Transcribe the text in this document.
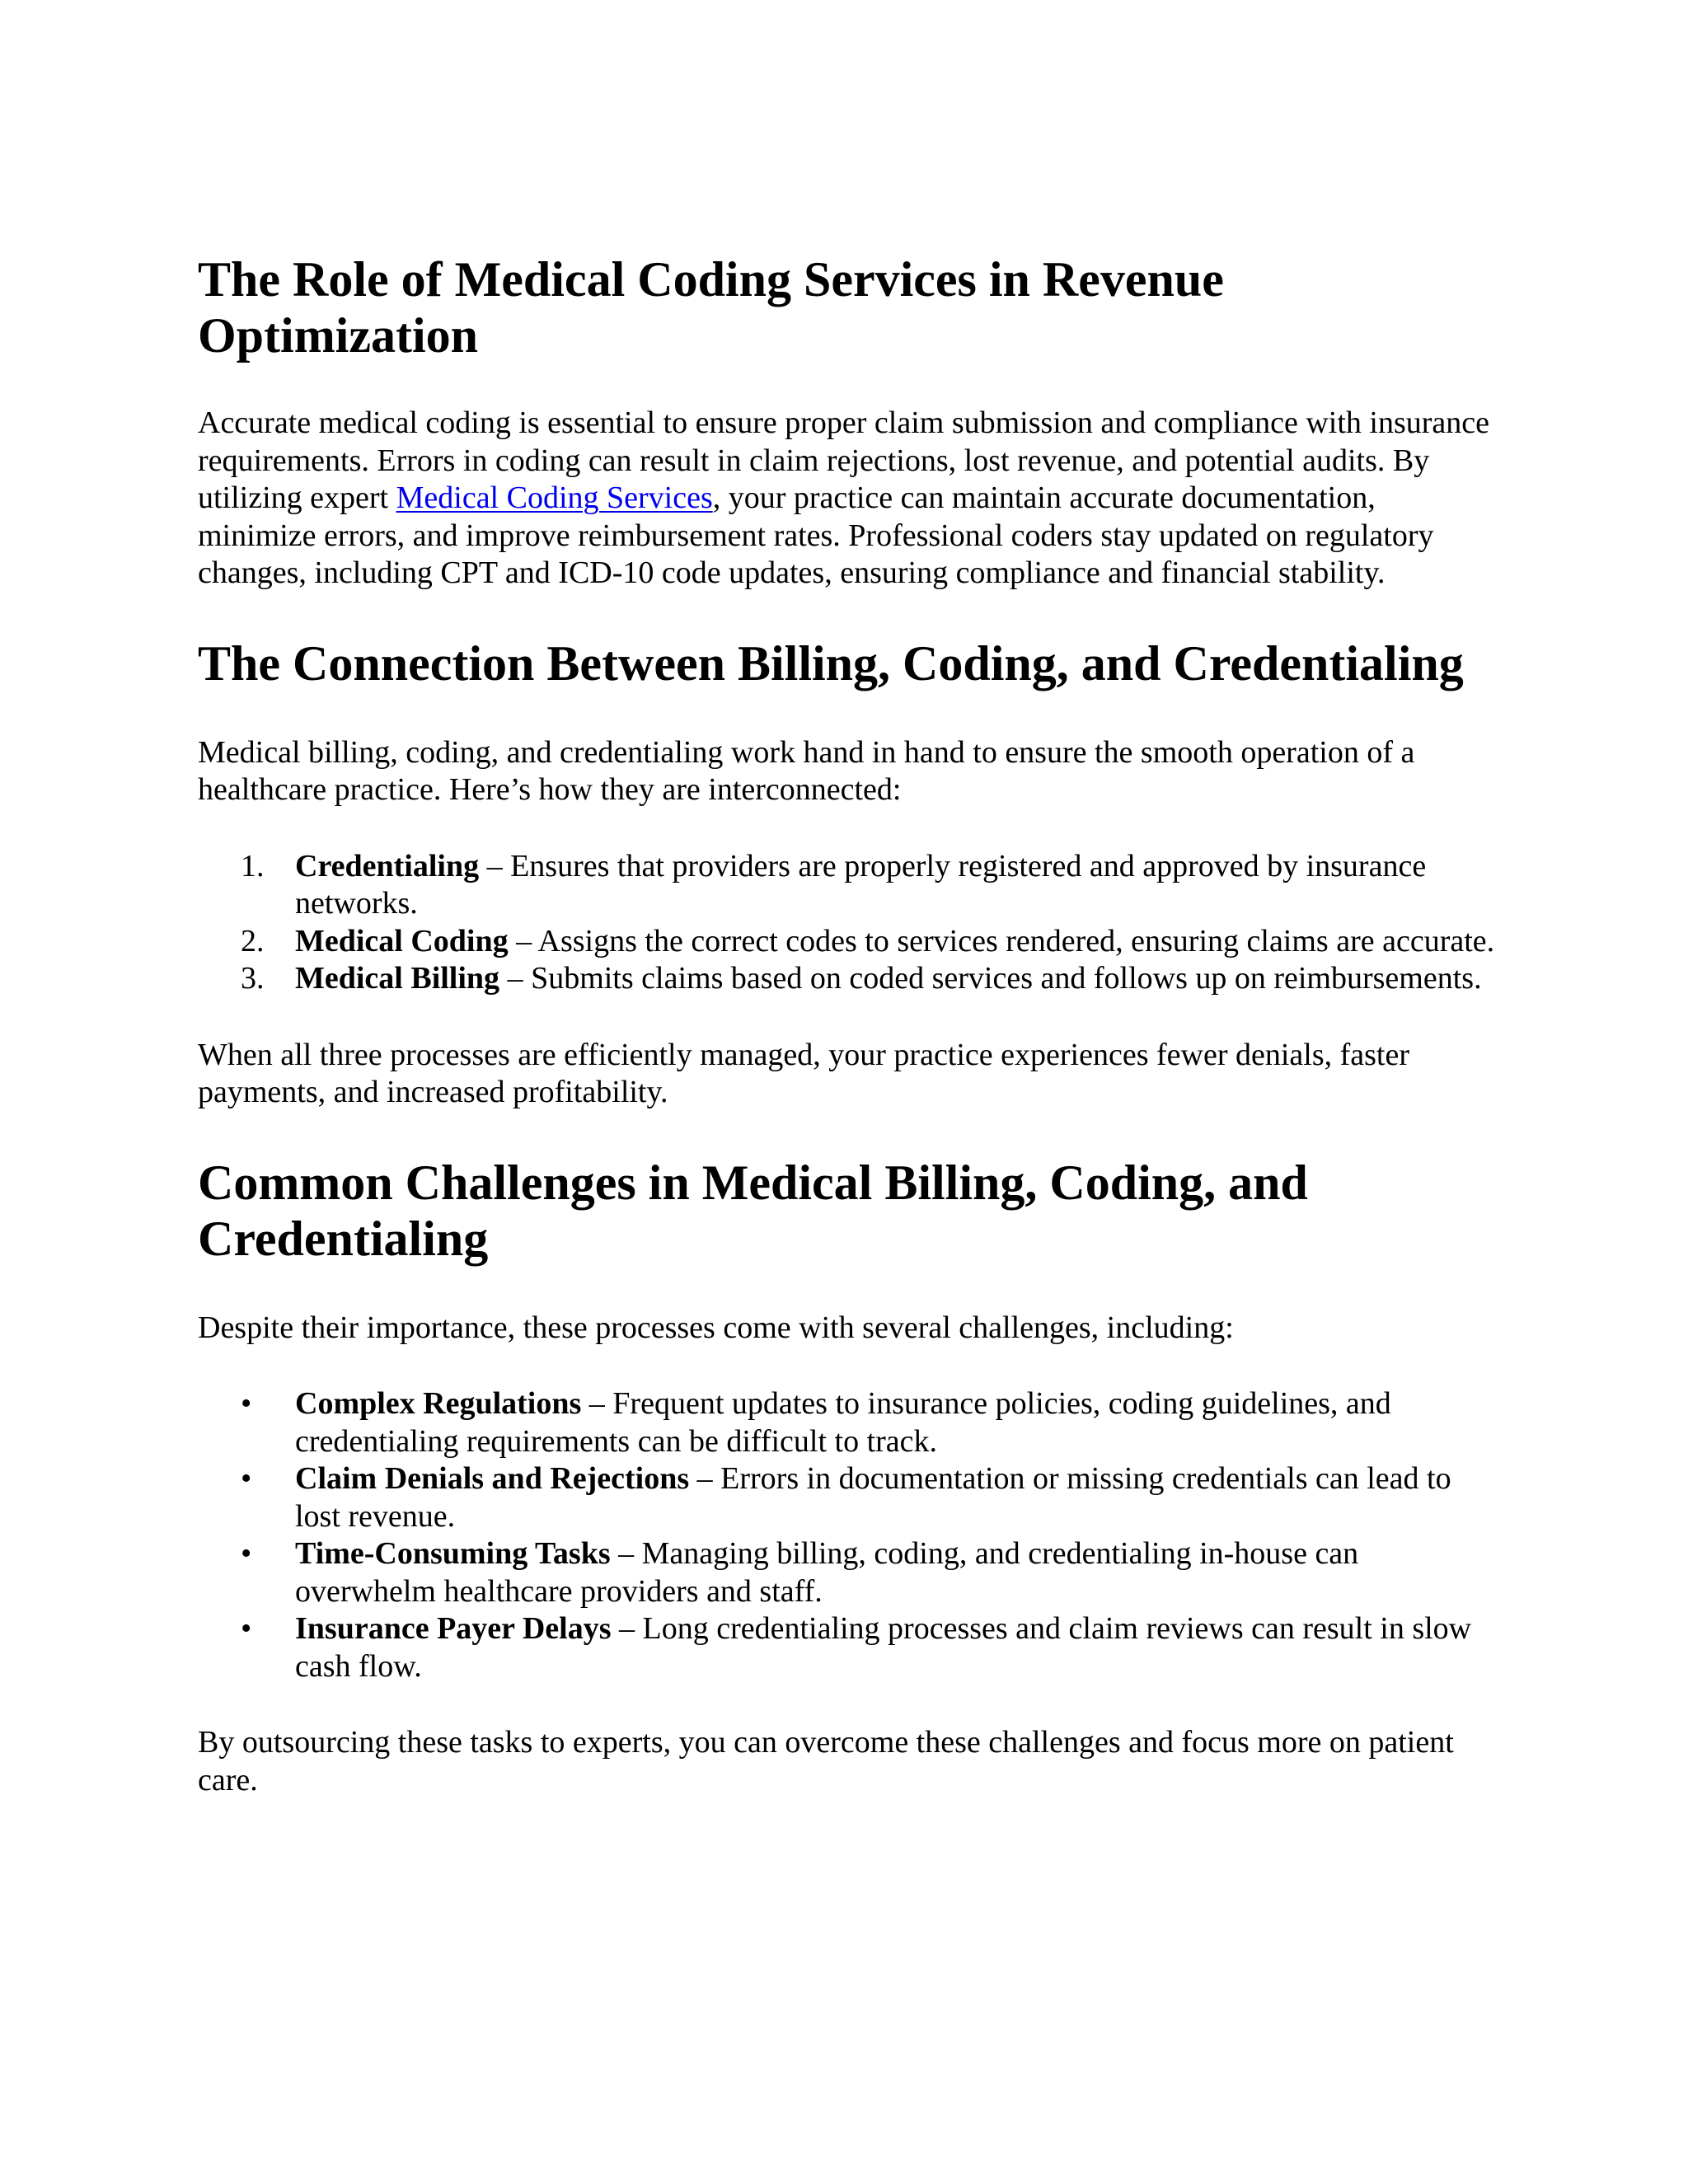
The Role of Medical Coding Services in Revenue Optimization

Accurate medical coding is essential to ensure proper claim submission and compliance with insurance requirements. Errors in coding can result in claim rejections, lost revenue, and potential audits. By utilizing expert Medical Coding Services, your practice can maintain accurate documentation, minimize errors, and improve reimbursement rates. Professional coders stay updated on regulatory changes, including CPT and ICD-10 code updates, ensuring compliance and financial stability.

The Connection Between Billing, Coding, and Credentialing

Medical billing, coding, and credentialing work hand in hand to ensure the smooth operation of a healthcare practice. Here’s how they are interconnected:

1. Credentialing – Ensures that providers are properly registered and approved by insurance networks.
2. Medical Coding – Assigns the correct codes to services rendered, ensuring claims are accurate.
3. Medical Billing – Submits claims based on coded services and follows up on reimbursements.

When all three processes are efficiently managed, your practice experiences fewer denials, faster payments, and increased profitability.

Common Challenges in Medical Billing, Coding, and Credentialing

Despite their importance, these processes come with several challenges, including:

• Complex Regulations – Frequent updates to insurance policies, coding guidelines, and credentialing requirements can be difficult to track.
• Claim Denials and Rejections – Errors in documentation or missing credentials can lead to lost revenue.
• Time-Consuming Tasks – Managing billing, coding, and credentialing in-house can overwhelm healthcare providers and staff.
• Insurance Payer Delays – Long credentialing processes and claim reviews can result in slow cash flow.

By outsourcing these tasks to experts, you can overcome these challenges and focus more on patient care.
